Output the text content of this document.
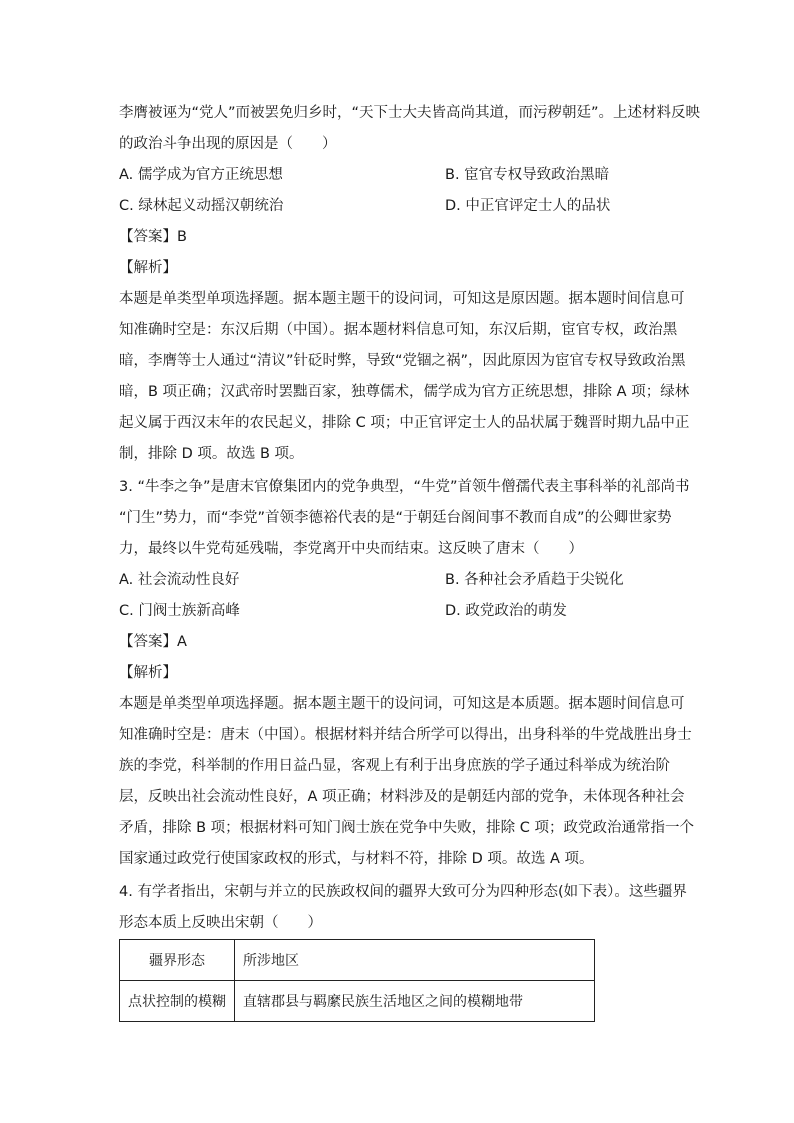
李膺被诬为“党人”而被罢免归乡时，“天下士大夫皆高尚其道，而污秽朝廷”。上述材料反映
的政治斗争出现的原因是（　　）
A. 儒学成为官方正统思想	B. 宦官专权导致政治黑暗
C. 绿林起义动摇汉朝统治	D. 中正官评定士人的品状
【答案】B
【解析】
本题是单类型单项选择题。据本题主题干的设问词，可知这是原因题。据本题时间信息可
知准确时空是：东汉后期（中国）。据本题材料信息可知，东汉后期，宦官专权，政治黑
暗，李膺等士人通过“清议”针砭时弊，导致“党锢之祸”，因此原因为宦官专权导致政治黑
暗，B 项正确；汉武帝时罢黜百家，独尊儒术，儒学成为官方正统思想，排除 A 项；绿林
起义属于西汉末年的农民起义，排除 C 项；中正官评定士人的品状属于魏晋时期九品中正
制，排除 D 项。故选 B 项。
3. “牛李之争”是唐末官僚集团内的党争典型，“牛党”首领牛僧孺代表主事科举的礼部尚书
“门生”势力，而“李党”首领李德裕代表的是“于朝廷台阁间事不教而自成”的公卿世家势
力，最终以牛党苟延残喘，李党离开中央而结束。这反映了唐末（　　）
A. 社会流动性良好	B. 各种社会矛盾趋于尖锐化
C. 门阀士族新高峰	D. 政党政治的萌发
【答案】A
【解析】
本题是单类型单项选择题。据本题主题干的设问词，可知这是本质题。据本题时间信息可
知准确时空是：唐末（中国）。根据材料并结合所学可以得出，出身科举的牛党战胜出身士
族的李党，科举制的作用日益凸显，客观上有利于出身庶族的学子通过科举成为统治阶
层，反映出社会流动性良好，A 项正确；材料涉及的是朝廷内部的党争，未体现各种社会
矛盾，排除 B 项；根据材料可知门阀士族在党争中失败，排除 C 项；政党政治通常指一个
国家通过政党行使国家政权的形式，与材料不符，排除 D 项。故选 A 项。
4. 有学者指出，宋朝与并立的民族政权间的疆界大致可分为四种形态(如下表）。这些疆界
形态本质上反映出宋朝（　　）
疆界形态	所涉地区
点状控制的模糊	直辖郡县与羁縻民族生活地区之间的模糊地带
